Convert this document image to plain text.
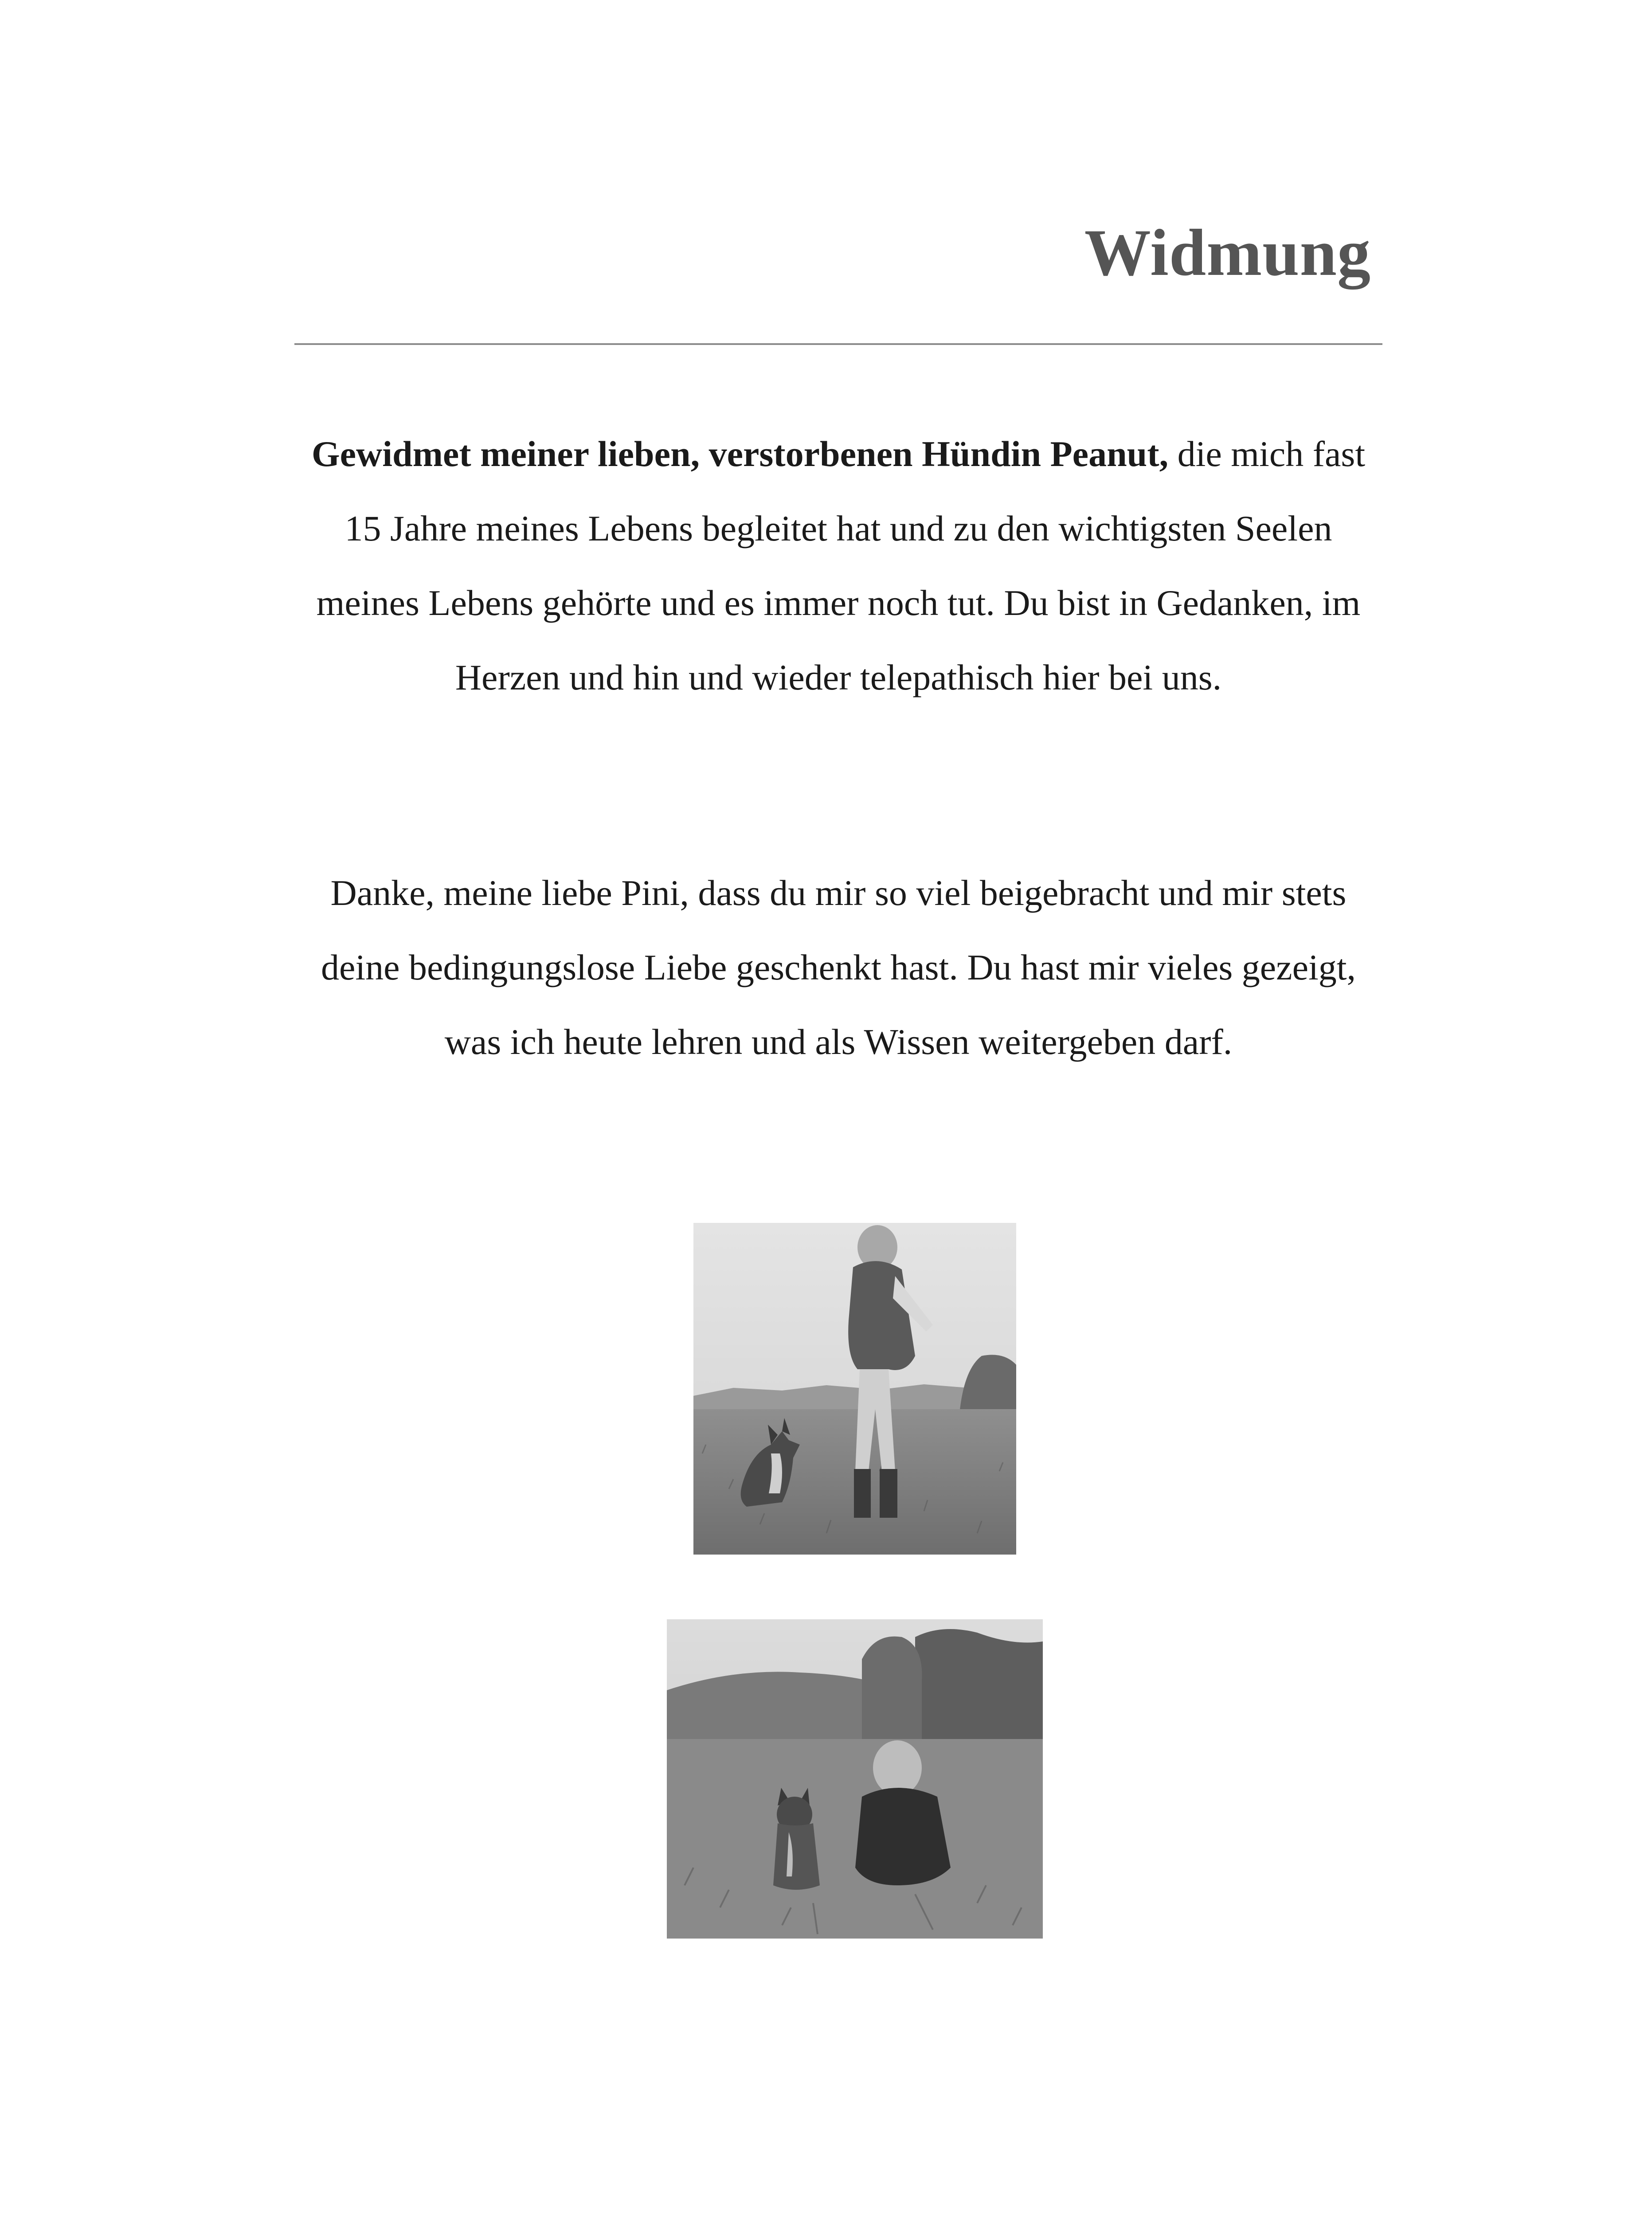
Widmung

Gewidmet meiner lieben, verstorbenen Hündin Peanut, die mich fast 15 Jahre meines Lebens begleitet hat und zu den wichtigsten Seelen meines Lebens gehörte und es immer noch tut. Du bist in Gedanken, im Herzen und hin und wieder telepathisch hier bei uns.

Danke, meine liebe Pini, dass du mir so viel beigebracht und mir stets deine bedingungslose Liebe geschenkt hast. Du hast mir vieles gezeigt, was ich heute lehren und als Wissen weitergeben darf.
